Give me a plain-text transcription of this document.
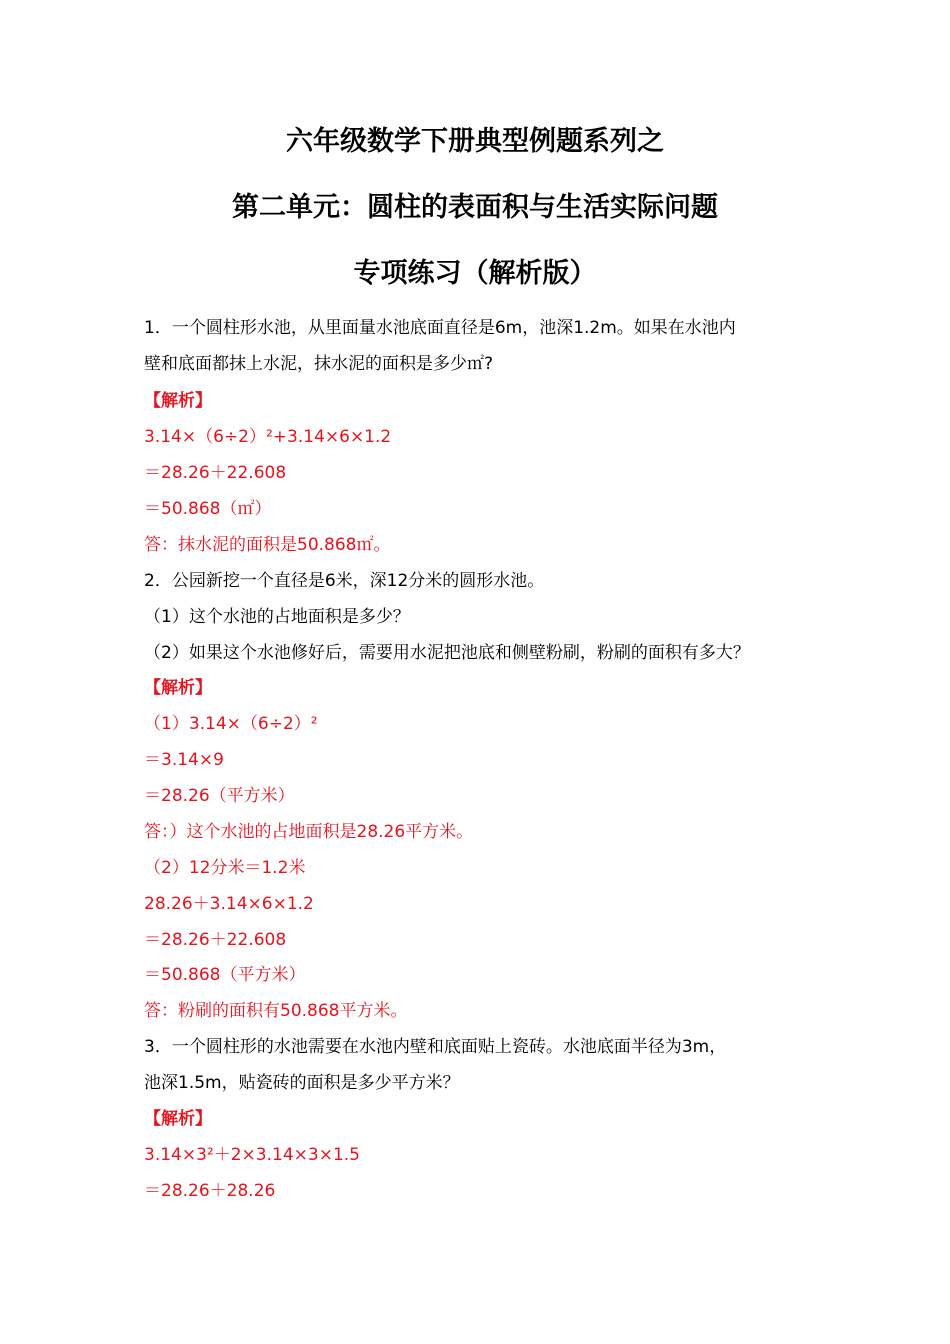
六年级数学下册典型例题系列之
第二单元：圆柱的表面积与生活实际问题
专项练习（解析版）
1．一个圆柱形水池，从里面量水池底面直径是6m，池深1.2m。如果在水池内
壁和底面都抹上水泥，抹水泥的面积是多少㎡?
【解析】
3.14×（6÷2）²+3.14×6×1.2
＝28.26＋22.608
＝50.868（㎡）
答：抹水泥的面积是50.868㎡。
2．公园新挖一个直径是6米，深12分米的圆形水池。
（1）这个水池的占地面积是多少？
（2）如果这个水池修好后，需要用水泥把池底和侧壁粉刷，粉刷的面积有多大？
【解析】
（1）3.14×（6÷2）²
＝3.14×9
＝28.26（平方米）
答：）这个水池的占地面积是28.26平方米。
（2）12分米＝1.2米
28.26＋3.14×6×1.2
＝28.26＋22.608
＝50.868（平方米）
答：粉刷的面积有50.868平方米。
3．一个圆柱形的水池需要在水池内壁和底面贴上瓷砖。水池底面半径为3m，
池深1.5m，贴瓷砖的面积是多少平方米？
【解析】
3.14×3²＋2×3.14×3×1.5
＝28.26＋28.26
